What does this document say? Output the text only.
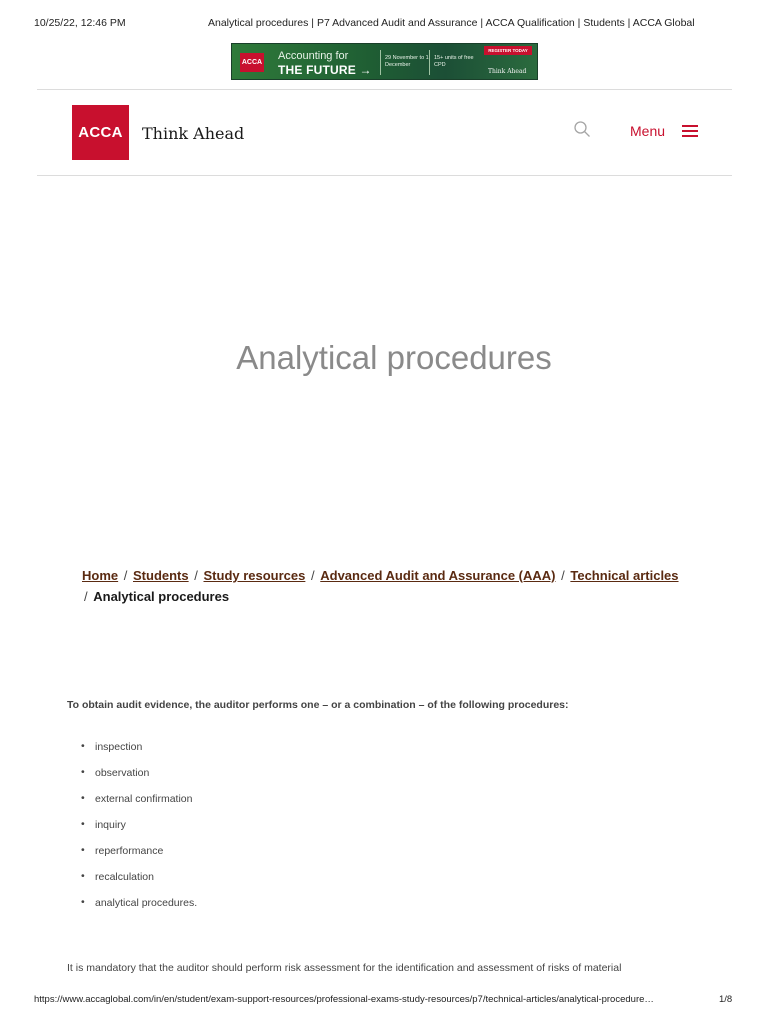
10/25/22, 12:46 PM	Analytical procedures | P7 Advanced Audit and Assurance | ACCA Qualification | Students | ACCA Global
ACCA
Accounting for
THE FUTURE →
29 November to 1 December
15+ units of free CPD
REGISTER TODAY
Think Ahead
ACCA	Think Ahead	Menu
Analytical procedures
Home / Students / Study resources / Advanced Audit and Assurance (AAA) / Technical articles
/ Analytical procedures
To obtain audit evidence, the auditor performs one – or a combination – of the following procedures:
• inspection
• observation
• external confirmation
• inquiry
• reperformance
• recalculation
• analytical procedures.
It is mandatory that the auditor should perform risk assessment for the identification and assessment of risks of material
https://www.accaglobal.com/in/en/student/exam-support-resources/professional-exams-study-resources/p7/technical-articles/analytical-procedure…	1/8
